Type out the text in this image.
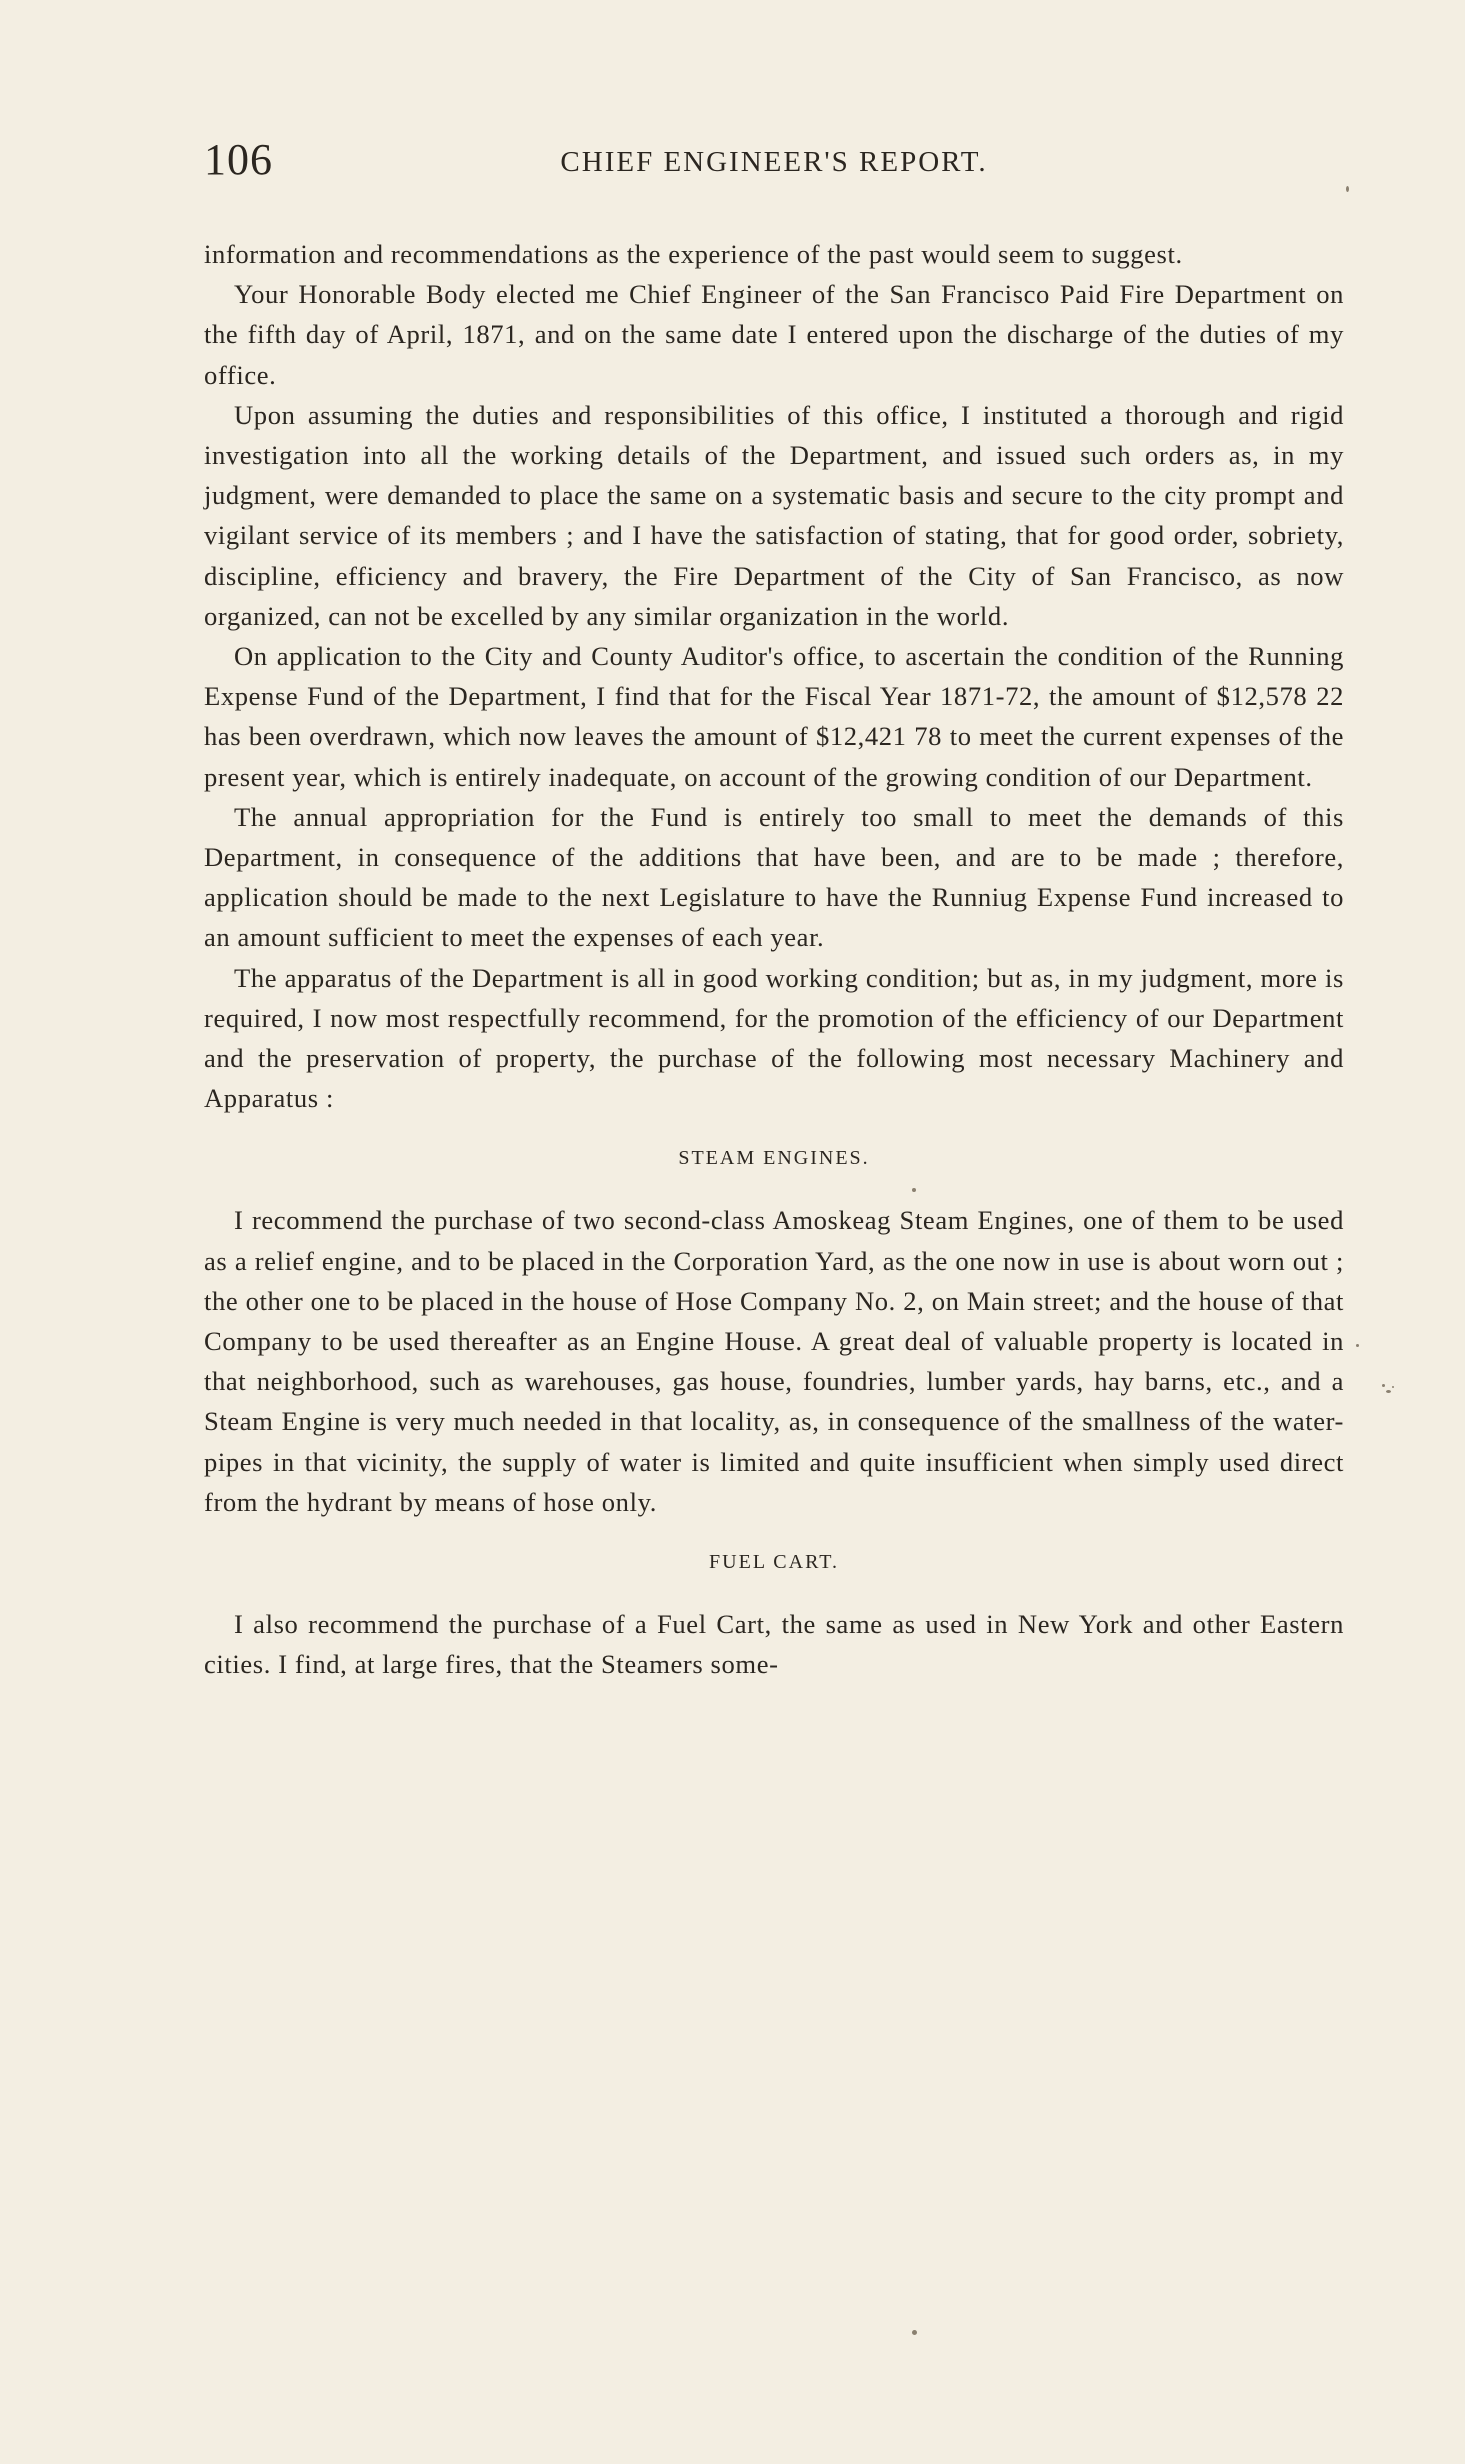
106	CHIEF ENGINEER'S REPORT.

information and recommendations as the experience of the past would seem to suggest.

Your Honorable Body elected me Chief Engineer of the San Francisco Paid Fire Department on the fifth day of April, 1871, and on the same date I entered upon the discharge of the duties of my office.

Upon assuming the duties and responsibilities of this office, I instituted a thorough and rigid investigation into all the working details of the Department, and issued such orders as, in my judgment, were demanded to place the same on a systematic basis and secure to the city prompt and vigilant service of its members ; and I have the satisfaction of stating, that for good order, sobriety, discipline, efficiency and bravery, the Fire Department of the City of San Francisco, as now organized, can not be excelled by any similar organization in the world.

On application to the City and County Auditor's office, to ascertain the condition of the Running Expense Fund of the Department, I find that for the Fiscal Year 1871-72, the amount of $12,578 22 has been overdrawn, which now leaves the amount of $12,421 78 to meet the current expenses of the present year, which is entirely inadequate, on account of the growing condition of our Department.

The annual appropriation for the Fund is entirely too small to meet the demands of this Department, in consequence of the additions that have been, and are to be made ; therefore, application should be made to the next Legislature to have the Runniug Expense Fund increased to an amount sufficient to meet the expenses of each year.

The apparatus of the Department is all in good working condition; but as, in my judgment, more is required, I now most respectfully recommend, for the promotion of the efficiency of our Department and the preservation of property, the purchase of the following most necessary Machinery and Apparatus :

STEAM ENGINES.

I recommend the purchase of two second-class Amoskeag Steam Engines, one of them to be used as a relief engine, and to be placed in the Corporation Yard, as the one now in use is about worn out ; the other one to be placed in the house of Hose Company No. 2, on Main street; and the house of that Company to be used thereafter as an Engine House. A great deal of valuable property is located in that neighborhood, such as warehouses, gas house, foundries, lumber yards, hay barns, etc., and a Steam Engine is very much needed in that locality, as, in consequence of the smallness of the water-pipes in that vicinity, the supply of water is limited and quite insufficient when simply used direct from the hydrant by means of hose only.

FUEL CART.

I also recommend the purchase of a Fuel Cart, the same as used in New York and other Eastern cities. I find, at large fires, that the Steamers some-
